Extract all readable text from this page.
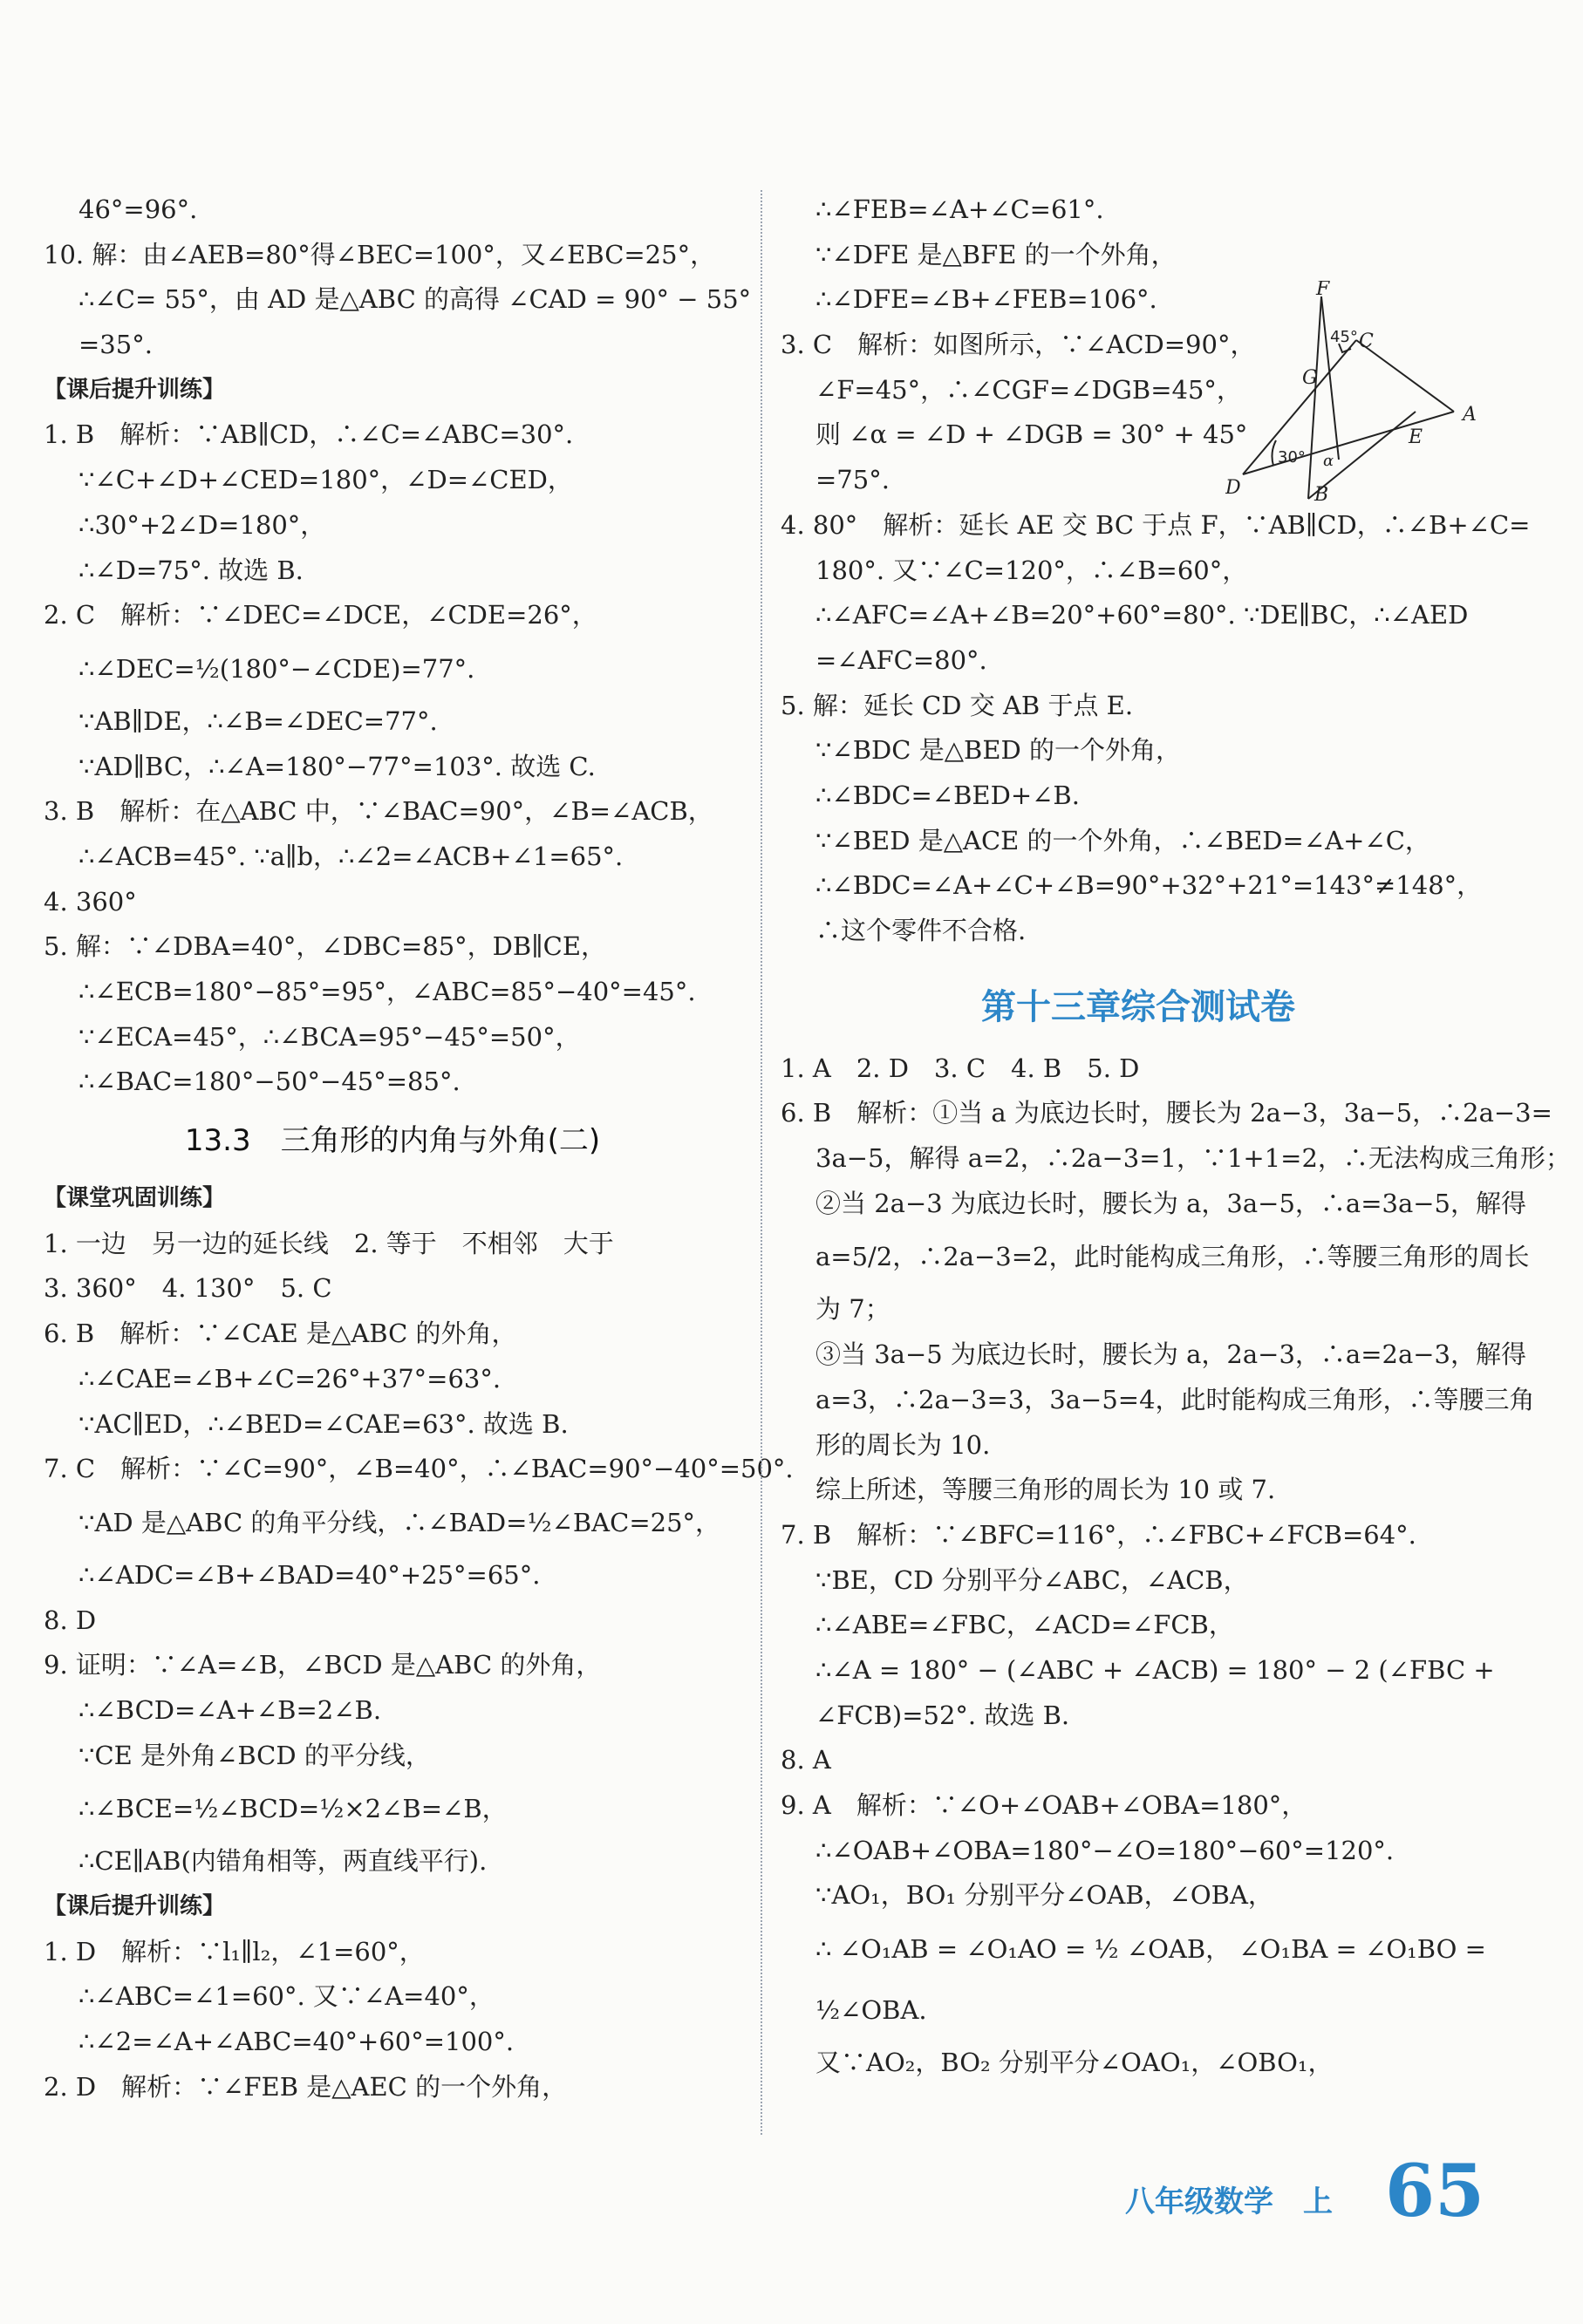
46°=96°.
10. 解：由∠AEB=80°得∠BEC=100°，又∠EBC=25°，
∴∠C= 55°，由 AD 是△ABC 的高得 ∠CAD = 90° − 55°
=35°.
【课后提升训练】
1. B　解析：∵AB∥CD，∴∠C=∠ABC=30°.
∵∠C+∠D+∠CED=180°，∠D=∠CED，
∴30°+2∠D=180°，
∴∠D=75°. 故选 B.
2. C　解析：∵∠DEC=∠DCE，∠CDE=26°，
∴∠DEC=½(180°−∠CDE)=77°.
∵AB∥DE，∴∠B=∠DEC=77°.
∵AD∥BC，∴∠A=180°−77°=103°. 故选 C.
3. B　解析：在△ABC 中，∵∠BAC=90°，∠B=∠ACB，
∴∠ACB=45°. ∵a∥b，∴∠2=∠ACB+∠1=65°.
4. 360°
5. 解：∵∠DBA=40°，∠DBC=85°，DB∥CE，
∴∠ECB=180°−85°=95°，∠ABC=85°−40°=45°.
∵∠ECA=45°，∴∠BCA=95°−45°=50°，
∴∠BAC=180°−50°−45°=85°.
13.3　三角形的内角与外角(二)
【课堂巩固训练】
1. 一边　另一边的延长线　2. 等于　不相邻　大于
3. 360°　4. 130°　5. C
6. B　解析：∵∠CAE 是△ABC 的外角，
∴∠CAE=∠B+∠C=26°+37°=63°.
∵AC∥ED，∴∠BED=∠CAE=63°. 故选 B.
7. C　解析：∵∠C=90°，∠B=40°，∴∠BAC=90°−40°=50°.
∵AD 是△ABC 的角平分线，∴∠BAD=½∠BAC=25°，
∴∠ADC=∠B+∠BAD=40°+25°=65°.
8. D
9. 证明：∵∠A=∠B，∠BCD 是△ABC 的外角，
∴∠BCD=∠A+∠B=2∠B.
∵CE 是外角∠BCD 的平分线，
∴∠BCE=½∠BCD=½×2∠B=∠B，
∴CE∥AB(内错角相等，两直线平行).
【课后提升训练】
1. D　解析：∵l₁∥l₂，∠1=60°，
∴∠ABC=∠1=60°. 又∵∠A=40°，
∴∠2=∠A+∠ABC=40°+60°=100°.
2. D　解析：∵∠FEB 是△AEC 的一个外角，
∴∠FEB=∠A+∠C=61°.
∵∠DFE 是△BFE 的一个外角，
∴∠DFE=∠B+∠FEB=106°.
3. C　解析：如图所示，∵∠ACD=90°，
∠F=45°，∴∠CGF=∠DGB=45°，
则 ∠α = ∠D + ∠DGB = 30° + 45°
=75°.
4. 80°　解析：延长 AE 交 BC 于点 F，∵AB∥CD，∴∠B+∠C=
180°. 又∵∠C=120°，∴∠B=60°，
∴∠AFC=∠A+∠B=20°+60°=80°. ∵DE∥BC，∴∠AED
=∠AFC=80°.
5. 解：延长 CD 交 AB 于点 E.
∵∠BDC 是△BED 的一个外角，
∴∠BDC=∠BED+∠B.
∵∠BED 是△ACE 的一个外角，∴∠BED=∠A+∠C，
∴∠BDC=∠A+∠C+∠B=90°+32°+21°=143°≠148°，
∴这个零件不合格.
第十三章综合测试卷
1. A　2. D　3. C　4. B　5. D
6. B　解析：①当 a 为底边长时，腰长为 2a−3，3a−5，∴2a−3=
3a−5，解得 a=2，∴2a−3=1，∵1+1=2，∴无法构成三角形；
②当 2a−3 为底边长时，腰长为 a，3a−5，∴a=3a−5，解得
a=5/2，∴2a−3=2，此时能构成三角形，∴等腰三角形的周长
为 7；
③当 3a−5 为底边长时，腰长为 a，2a−3，∴a=2a−3，解得
a=3，∴2a−3=3，3a−5=4，此时能构成三角形，∴等腰三角
形的周长为 10.
综上所述，等腰三角形的周长为 10 或 7.
7. B　解析：∵∠BFC=116°，∴∠FBC+∠FCB=64°.
∵BE，CD 分别平分∠ABC，∠ACB，
∴∠ABE=∠FBC，∠ACD=∠FCB，
∴∠A = 180° − (∠ABC + ∠ACB) = 180° − 2 (∠FBC +
∠FCB)=52°. 故选 B.
8. A
9. A　解析：∵∠O+∠OAB+∠OBA=180°，
∴∠OAB+∠OBA=180°−∠O=180°−60°=120°.
∵AO₁，BO₁ 分别平分∠OAB，∠OBA，
∴ ∠O₁AB = ∠O₁AO = ½ ∠OAB， ∠O₁BA = ∠O₁BO =
½∠OBA.
又∵AO₂，BO₂ 分别平分∠OAO₁，∠OBO₁，
F
C
G
A
E
D	B
α
45°
30°
八年级数学　上 65
